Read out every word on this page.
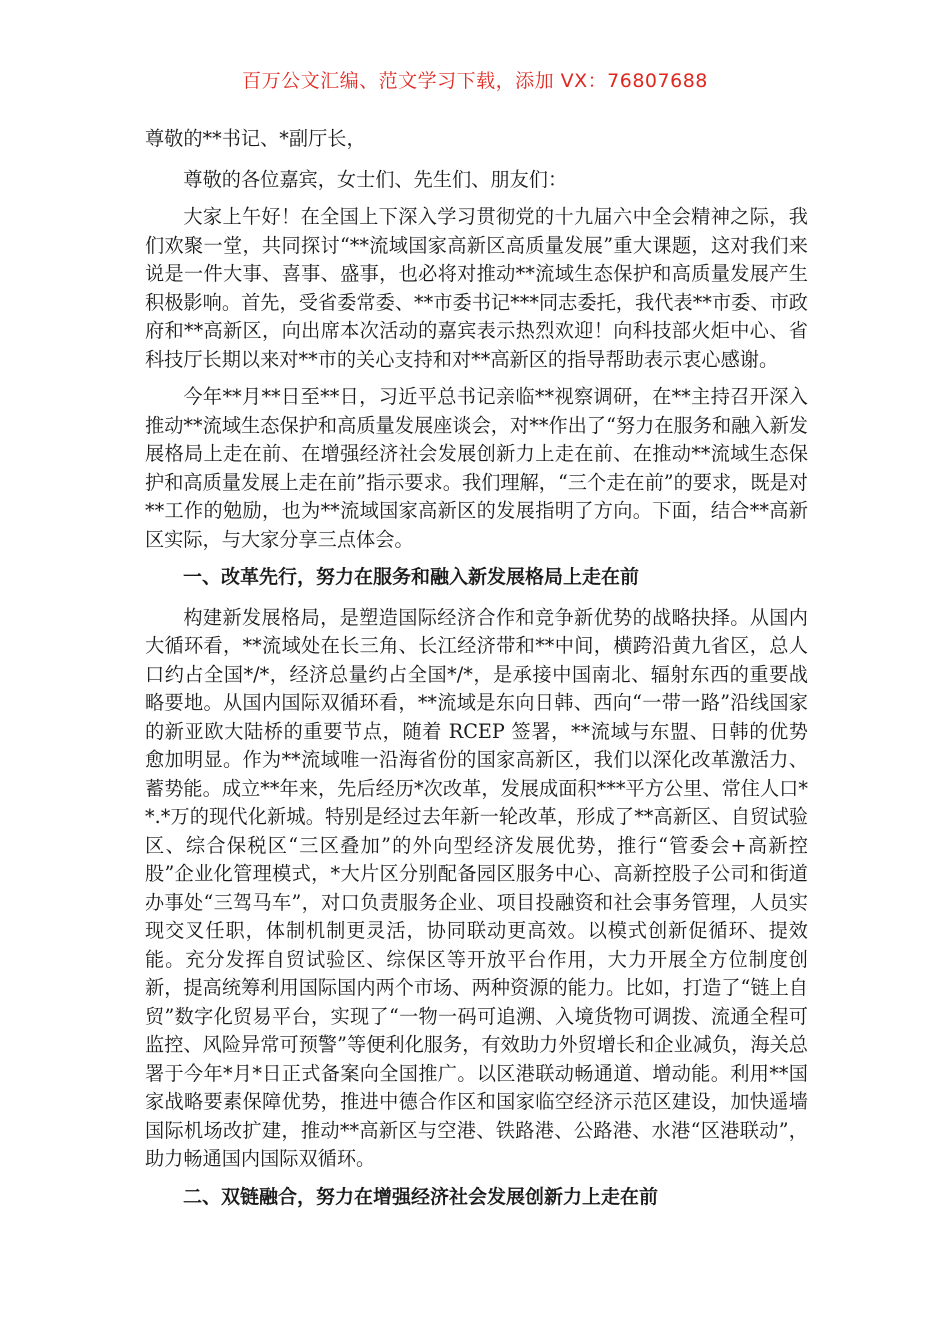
百万公文汇编、范文学习下载，添加 VX：76807688

尊敬的**书记、*副厅长，

尊敬的各位嘉宾，女士们、先生们、朋友们：

大家上午好！在全国上下深入学习贯彻党的十九届六中全会精神之际，我们欢聚一堂，共同探讨“**流域国家高新区高质量发展”重大课题，这对我们来说是一件大事、喜事、盛事，也必将对推动**流域生态保护和高质量发展产生积极影响。首先，受省委常委、**市委书记***同志委托，我代表**市委、市政府和**高新区，向出席本次活动的嘉宾表示热烈欢迎！向科技部火炬中心、省科技厅长期以来对**市的关心支持和对**高新区的指导帮助表示衷心感谢。

今年**月**日至**日，习近平总书记亲临**视察调研，在**主持召开深入推动**流域生态保护和高质量发展座谈会，对**作出了“努力在服务和融入新发展格局上走在前、在增强经济社会发展创新力上走在前、在推动**流域生态保护和高质量发展上走在前”指示要求。我们理解，“三个走在前”的要求，既是对**工作的勉励，也为**流域国家高新区的发展指明了方向。下面，结合**高新区实际，与大家分享三点体会。

一、改革先行，努力在服务和融入新发展格局上走在前

构建新发展格局，是塑造国际经济合作和竞争新优势的战略抉择。从国内大循环看，**流域处在长三角、长江经济带和**中间，横跨沿黄九省区，总人口约占全国*/*，经济总量约占全国*/*，是承接中国南北、辐射东西的重要战略要地。从国内国际双循环看，**流域是东向日韩、西向“一带一路”沿线国家的新亚欧大陆桥的重要节点，随着 RCEP 签署，**流域与东盟、日韩的优势愈加明显。作为**流域唯一沿海省份的国家高新区，我们以深化改革激活力、蓄势能。成立**年来，先后经历*次改革，发展成面积***平方公里、常住人口**.*万的现代化新城。特别是经过去年新一轮改革，形成了**高新区、自贸试验区、综合保税区“三区叠加”的外向型经济发展优势，推行“管委会+高新控股”企业化管理模式，*大片区分别配备园区服务中心、高新控股子公司和街道办事处“三驾马车”，对口负责服务企业、项目投融资和社会事务管理，人员实现交叉任职，体制机制更灵活，协同联动更高效。以模式创新促循环、提效能。充分发挥自贸试验区、综保区等开放平台作用，大力开展全方位制度创新，提高统筹利用国际国内两个市场、两种资源的能力。比如，打造了“链上自贸”数字化贸易平台，实现了“一物一码可追溯、入境货物可调拨、流通全程可监控、风险异常可预警”等便利化服务，有效助力外贸增长和企业减负，海关总署于今年*月*日正式备案向全国推广。以区港联动畅通道、增动能。利用**国家战略要素保障优势，推进中德合作区和国家临空经济示范区建设，加快遥墙国际机场改扩建，推动**高新区与空港、铁路港、公路港、水港“区港联动”，助力畅通国内国际双循环。

二、双链融合，努力在增强经济社会发展创新力上走在前
